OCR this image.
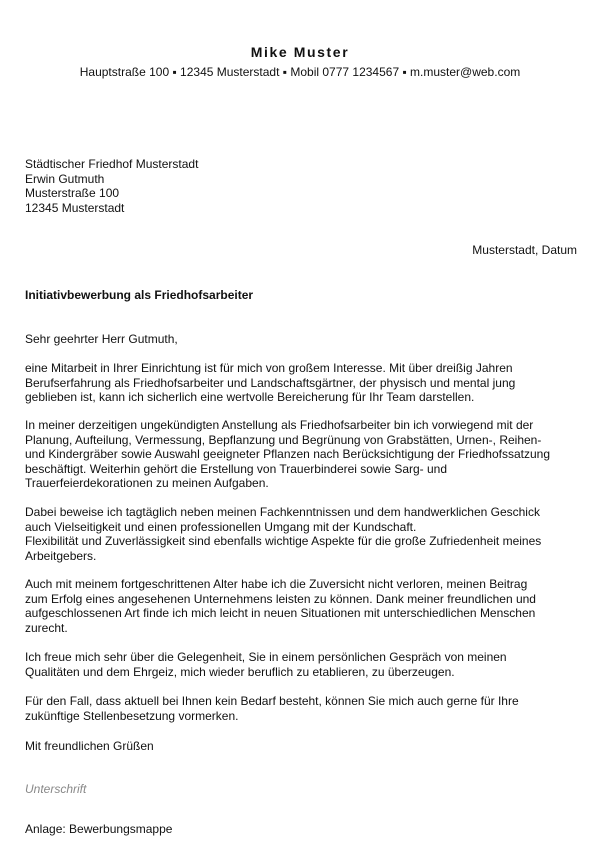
Mike Muster
Hauptstraße 100 ▪ 12345 Musterstadt ▪ Mobil 0777 1234567 ▪ m.muster@web.com
Städtischer Friedhof Musterstadt
Erwin Gutmuth
Musterstraße 100
12345 Musterstadt
Musterstadt, Datum
Initiativbewerbung als Friedhofsarbeiter
Sehr geehrter Herr Gutmuth,
eine Mitarbeit in Ihrer Einrichtung ist für mich von großem Interesse. Mit über dreißig Jahren
Berufserfahrung als Friedhofsarbeiter und Landschaftsgärtner, der physisch und mental jung
geblieben ist, kann ich sicherlich eine wertvolle Bereicherung für Ihr Team darstellen.
In meiner derzeitigen ungekündigten Anstellung als Friedhofsarbeiter bin ich vorwiegend mit der
Planung, Aufteilung, Vermessung, Bepflanzung und Begrünung von Grabstätten, Urnen-, Reihen-
und Kindergräber sowie Auswahl geeigneter Pflanzen nach Berücksichtigung der Friedhofssatzung
beschäftigt. Weiterhin gehört die Erstellung von Trauerbinderei sowie Sarg- und
Trauerfeierdekorationen zu meinen Aufgaben.
Dabei beweise ich tagtäglich neben meinen Fachkenntnissen und dem handwerklichen Geschick
auch Vielseitigkeit und einen professionellen Umgang mit der Kundschaft.
Flexibilität und Zuverlässigkeit sind ebenfalls wichtige Aspekte für die große Zufriedenheit meines
Arbeitgebers.
Auch mit meinem fortgeschrittenen Alter habe ich die Zuversicht nicht verloren, meinen Beitrag
zum Erfolg eines angesehenen Unternehmens leisten zu können. Dank meiner freundlichen und
aufgeschlossenen Art finde ich mich leicht in neuen Situationen mit unterschiedlichen Menschen
zurecht.
Ich freue mich sehr über die Gelegenheit, Sie in einem persönlichen Gespräch von meinen
Qualitäten und dem Ehrgeiz, mich wieder beruflich zu etablieren, zu überzeugen.
Für den Fall, dass aktuell bei Ihnen kein Bedarf besteht, können Sie mich auch gerne für Ihre
zukünftige Stellenbesetzung vormerken.
Mit freundlichen Grüßen
Unterschrift
Anlage: Bewerbungsmappe
